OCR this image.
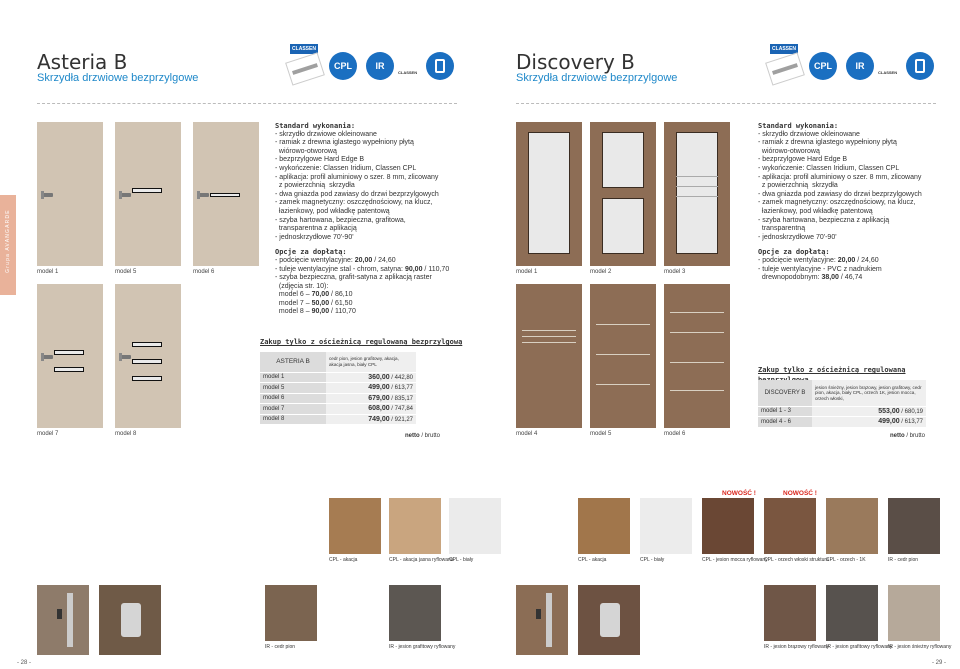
Grupa AVANGARDE
Asteria B
Skrzydła drzwiowe bezprzylgowe
CLASSEN
CPL	IR
CLASSEN
model 1	model 5	model 6
model 7	model 8
Standard wykonania:
- skrzydło drzwiowe okleinowane
- ramiak z drewna iglastego wypełniony płytą
wiórowo-otworową
- bezprzylgowe Hard Edge B
- wykończenie: Classen Iridium, Classen CPL
- aplikacja: profil aluminiowy o szer. 8 mm, zlicowany
z powierzchnią  skrzydła
- dwa gniazda pod zawiasy do drzwi bezprzylgowych
- zamek magnetyczny: oszczędnościowy, na klucz,
łazienkowy, pod wkładkę patentową
- szyba hartowana, bezpieczna, grafitowa,
transparentna z aplikacją
- jednoskrzydłowe 70'-90'
Opcje za dopłatą:
- podcięcie wentylacyjne: 20,00 / 24,60
- tuleje wentylacyjne stal - chrom, satyna: 90,00 / 110,70
- szyba bezpieczna, grafit-satyna z aplikacją raster
(zdjęcia str. 10):
model 6 – 70,00 / 86,10
model 7 – 50,00 / 61,50
model 8 – 90,00 / 110,70
Zakup tylko z ościeżnicą regulowaną bezprzylgową
ASTERIA B	cedr pion, jesion grafitowy, akacja, akacja jasna, biały CPL
model 1	360,00 / 442,80
model 5	499,00 / 613,77
model 6	679,00 / 835,17
model 7	608,00 / 747,84
model 8	749,00 / 921,27
netto / brutto
CPL - akacja	CPL - akacja jasna ryflowana
CPL - biały
IR - cedr pion	IR - jesion grafitowy ryflowany
- 28 -
Discovery B
Skrzydła drzwiowe bezprzylgowe
CLASSEN
CPL	IR
CLASSEN
model 1	model 2	model 3
model 4	model 5	model 6
Standard wykonania:
- skrzydło drzwiowe okleinowane
- ramiak z drewna iglastego wypełniony płytą
wiórowo-otworową
- bezprzylgowe Hard Edge B
- wykończenie: Classen Iridium, Classen CPL
- aplikacja: profil aluminiowy o szer. 8 mm, zlicowany
z powierzchnią  skrzydła
- dwa gniazda pod zawiasy do drzwi bezprzylgowych
- zamek magnetyczny: oszczędnościowy, na klucz,
łazienkowy, pod wkładkę patentową
- szyba hartowana, bezpieczna z aplikacją
transparentną
- jednoskrzydłowe 70'-90'
Opcje za dopłatą:
- podcięcie wentylacyjne: 20,00 / 24,60
- tuleje wentylacyjne - PVC z nadrukiem
drewnopodobnym: 38,00 / 46,74
Zakup tylko z ościeżnicą regulowaną
DISCOVERY B	jesion śnieżny, jesion brązowy, jesion grafitowy, cedr pion, akacja, biały CPL, orzech 1K, jesion mocca, orzech włoski,
model 1 - 3	553,00 / 680,19
model 4 - 6	499,00 / 613,77
netto / brutto
NOWOŚĆ !	NOWOŚĆ !
CPL - akacja	CPL - biały	CPL - jesion mocca ryflowany
CPL - orzech włoski struktura
CPL - orzech - 1K	IR - cedr pion
IR - jesion brązowy ryflowany
IR - jesion grafitowy ryflowany
IR - jesion śnieżny ryflowany
- 29 -
